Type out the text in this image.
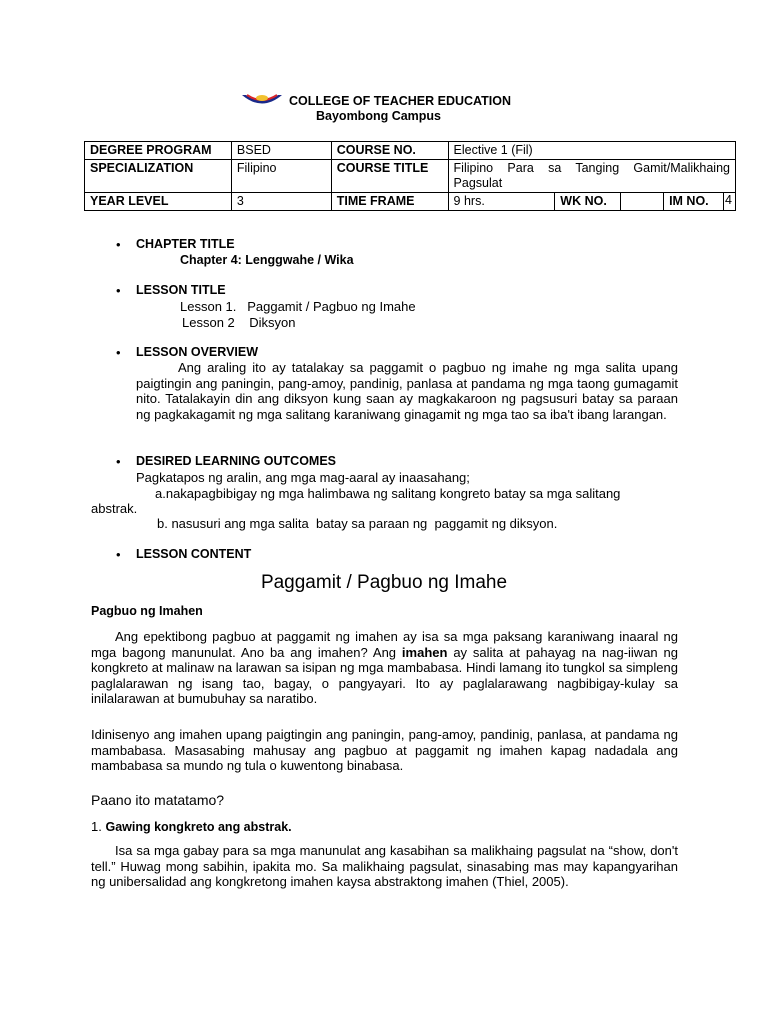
COLLEGE OF TEACHER EDUCATION
Bayombong Campus
DEGREE PROGRAM	BSED	COURSE NO.	Elective 1 (Fil)				
SPECIALIZATION	Filipino	COURSE TITLE	Filipino Para sa Tanging Gamit/Malikhaing Pagsulat				
YEAR LEVEL	3	TIME FRAME	9 hrs.	WK NO.		IM NO.	4
• CHAPTER TITLE
Chapter 4: Lenggwahe / Wika
• LESSON TITLE
Lesson 1.   Paggamit / Pagbuo ng Imahe
Lesson 2    Diksyon
• LESSON OVERVIEW
Ang araling ito ay tatalakay sa paggamit o pagbuo ng imahe ng mga salita upang paigtingin ang paningin, pang-amoy, pandinig, panlasa at pandama ng mga taong gumagamit nito. Tatalakayin din ang diksyon kung saan ay magkakaroon ng pagsusuri batay sa paraan ng pagkakagamit ng mga salitang karaniwang ginagamit ng mga tao sa iba't ibang larangan.
• DESIRED LEARNING OUTCOMES
Pagkatapos ng aralin, ang mga mag-aaral ay inaasahang;
a.nakapagbibigay ng mga halimbawa ng salitang kongreto batay sa mga salitang
abstrak.
b. nasusuri ang mga salita  batay sa paraan ng  paggamit ng diksyon.
• LESSON CONTENT
Paggamit / Pagbuo ng Imahe
Pagbuo ng Imahen
Ang epektibong pagbuo at paggamit ng imahen ay isa sa mga paksang karaniwang inaaral ng mga bagong manunulat. Ano ba ang imahen? Ang imahen ay salita at pahayag na nag-iiwan ng kongkreto at malinaw na larawan sa isipan ng mga mambabasa. Hindi lamang ito tungkol sa simpleng paglalarawan ng isang tao, bagay, o pangyayari. Ito ay paglalarawang nagbibigay-kulay sa inilalarawan at bumubuhay sa naratibo.
Idinisenyo ang imahen upang paigtingin ang paningin, pang-amoy, pandinig, panlasa, at pandama ng mambabasa. Masasabing mahusay ang pagbuo at paggamit ng imahen kapag nadadala ang mambabasa sa mundo ng tula o kuwentong binabasa.
Paano ito matatamo?
1. Gawing kongkreto ang abstrak.
Isa sa mga gabay para sa mga manunulat ang kasabihan sa malikhaing pagsulat na “show, don't tell.” Huwag mong sabihin, ipakita mo. Sa malikhaing pagsulat, sinasabing mas may kapangyarihan ng unibersalidad ang kongkretong imahen kaysa abstraktong imahen (Thiel, 2005).
